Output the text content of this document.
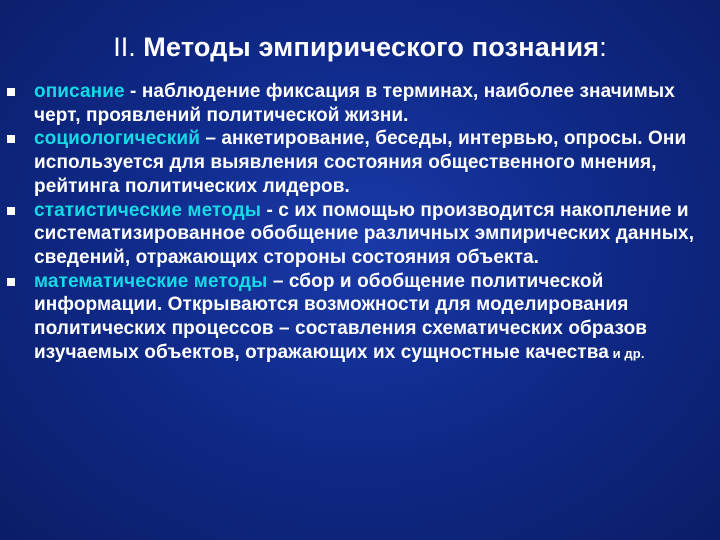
II. Методы эмпирического познания:
описание - наблюдение фиксация в терминах, наиболее значимых черт, проявлений политической жизни.
социологический – анкетирование, беседы, интервью, опросы. Они используется для выявления состояния общественного мнения, рейтинга политических лидеров.
статистические методы - с их помощью производится накопление и систематизированное обобщение различных эмпирических данных, сведений, отражающих стороны состояния объекта.
математические методы – сбор и обобщение политической информации. Открываются возможности для моделирования политических процессов – составления схематических образов изучаемых объектов, отражающих их сущностные качества и др.
